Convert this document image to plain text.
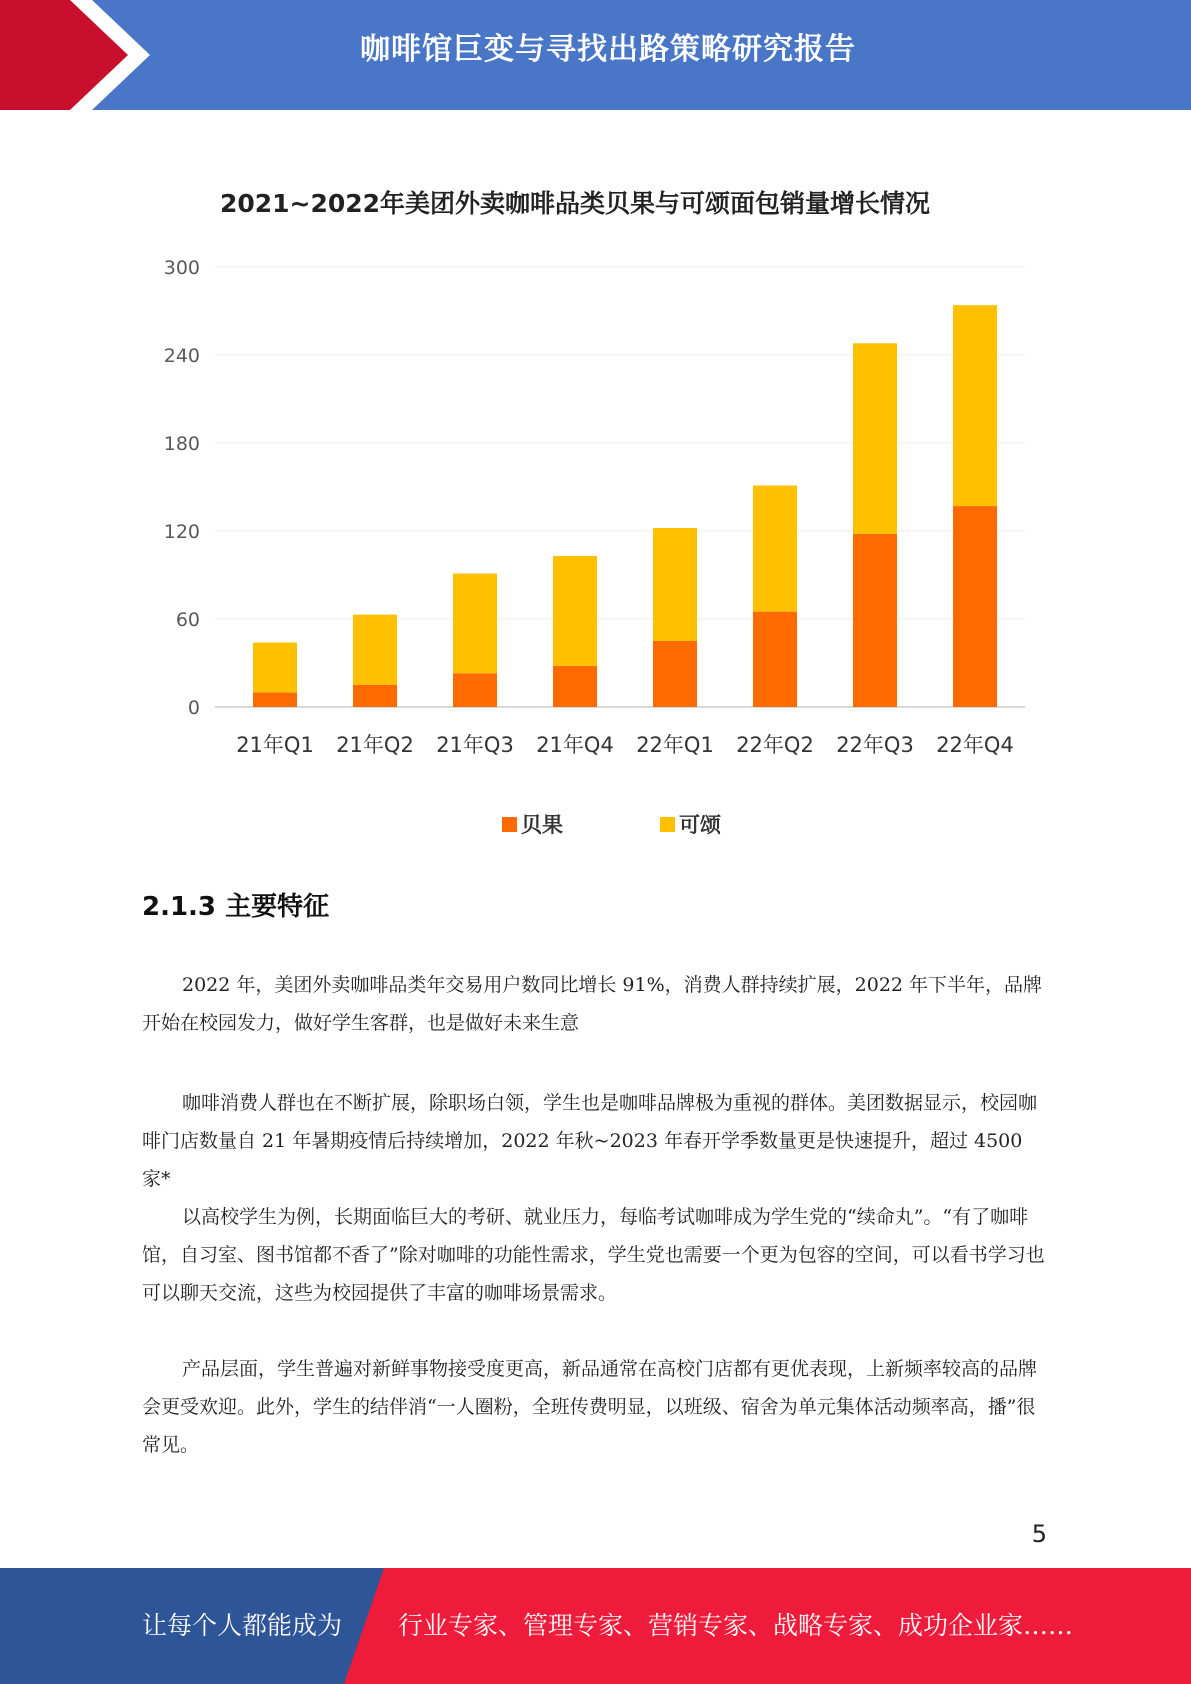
咖啡馆巨变与寻找出路策略研究报告
2021~2022年美团外卖咖啡品类贝果与可颂面包销量增长情况
0
60
120
180
240
300
21年Q1 21年Q2 21年Q3 21年Q4 22年Q1 22年Q2 22年Q3 22年Q4
贝果	可颂
2.1.3 主要特征

2022 年，美团外卖咖啡品类年交易用户数同比增长 91%，消费人群持续扩展，2022 年下半年，品牌开始在校园发力，做好学生客群，也是做好未来生意

咖啡消费人群也在不断扩展，除职场白领，学生也是咖啡品牌极为重视的群体。美团数据显示，校园咖啡门店数量自 21 年暑期疫情后持续增加，2022 年秋~2023 年春开学季数量更是快速提升，超过 4500 家*

以高校学生为例，长期面临巨大的考研、就业压力，每临考试咖啡成为学生党的“续命丸”。“有了咖啡馆，自习室、图书馆都不香了”除对咖啡的功能性需求，学生党也需要一个更为包容的空间，可以看书学习也可以聊天交流，这些为校园提供了丰富的咖啡场景需求。

产品层面，学生普遍对新鲜事物接受度更高，新品通常在高校门店都有更优表现，上新频率较高的品牌会更受欢迎。此外，学生的结伴消“一人圈粉，全班传费明显，以班级、宿舍为单元集体活动频率高，播”很常见。

5
让每个人都能成为 行业专家、管理专家、营销专家、战略专家、成功企业家……
